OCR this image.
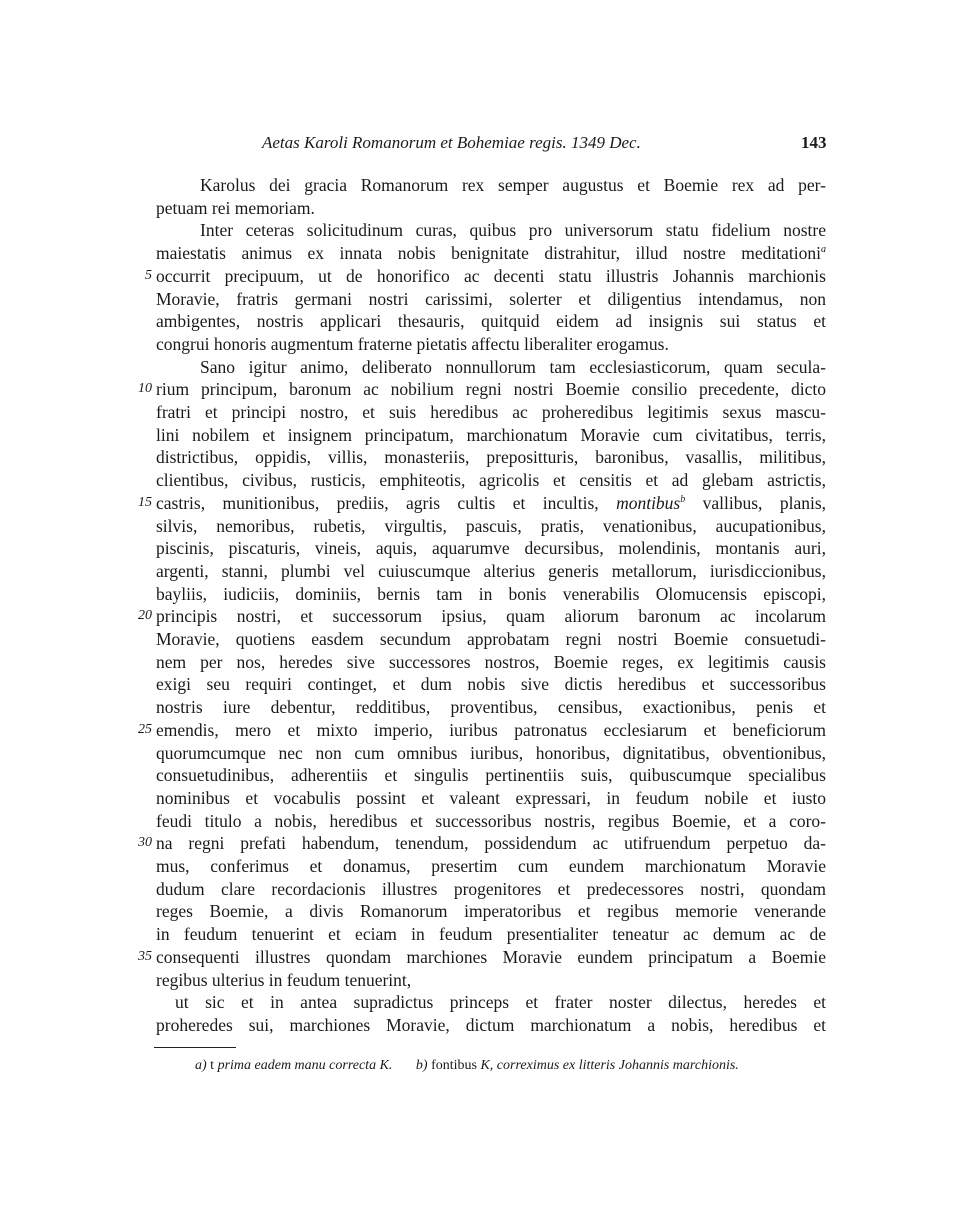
Aetas Karoli Romanorum et Bohemiae regis. 1349 Dec.	143
Karolus dei gracia Romanorum rex semper augustus et Boemie rex ad per-
petuam rei memoriam.
Inter ceteras solicitudinum curas, quibus pro universorum statu fidelium nostre
maiestatis animus ex innata nobis benignitate distrahitur, illud nostre meditationi$^a$
occurrit precipuum, ut de honorifico ac decenti statu illustris Johannis marchionis
5
Moravie, fratris germani nostri carissimi, solerter et diligentius intendamus, non
ambigentes, nostris applicari thesauris, quitquid eidem ad insignis sui status et
congrui honoris augmentum fraterne pietatis affectu liberaliter erogamus.
Sano igitur animo, deliberato nonnullorum tam ecclesiasticorum, quam secula-
rium principum, baronum ac nobilium regni nostri Boemie consilio precedente, dicto
10
fratri et principi nostro, et suis heredibus ac proheredibus legitimis sexus mascu-
lini nobilem et insignem principatum, marchionatum Moravie cum civitatibus, terris,
districtibus, oppidis, villis, monasteriis, prepositturis, baronibus, vasallis, militibus,
clientibus, civibus, rusticis, emphiteotis, agricolis et censitis et ad glebam astrictis,
castris, munitionibus, prediis, agris cultis et incultis, montibus$^b$ vallibus, planis,
15
silvis, nemoribus, rubetis, virgultis, pascuis, pratis, venationibus, aucupationibus,
piscinis, piscaturis, vineis, aquis, aquarumve decursibus, molendinis, montanis auri,
argenti, stanni, plumbi vel cuiuscumque alterius generis metallorum, iurisdiccionibus,
bayliis, iudiciis, dominiis, bernis tam in bonis venerabilis Olomucensis episcopi,
principis nostri, et successorum ipsius, quam aliorum baronum ac incolarum
20
Moravie, quotiens easdem secundum approbatam regni nostri Boemie consuetudi-
nem per nos, heredes sive successores nostros, Boemie reges, ex legitimis causis
exigi seu requiri continget, et dum nobis sive dictis heredibus et successoribus
nostris iure debentur, redditibus, proventibus, censibus, exactionibus, penis et
emendis, mero et mixto imperio, iuribus patronatus ecclesiarum et beneficiorum
25
quorumcumque nec non cum omnibus iuribus, honoribus, dignitatibus, obventionibus,
consuetudinibus, adherentiis et singulis pertinentiis suis, quibuscumque specialibus
nominibus et vocabulis possint et valeant expressari, in feudum nobile et iusto
feudi titulo a nobis, heredibus et successoribus nostris, regibus Boemie, et a coro-
na regni prefati habendum, tenendum, possidendum ac utifruendum perpetuo da-
30
mus, conferimus et donamus, presertim cum eundem marchionatum Moravie
dudum clare recordacionis illustres progenitores et predecessores nostri, quondam
reges Boemie, a divis Romanorum imperatoribus et regibus memorie venerande
in feudum tenuerint et eciam in feudum presentialiter teneatur ac demum ac de
consequenti illustres quondam marchiones Moravie eundem principatum a Boemie
35
regibus ulterius in feudum tenuerint,
ut sic et in antea supradictus princeps et frater noster dilectus, heredes et
proheredes sui, marchiones Moravie, dictum marchionatum a nobis, heredibus et
a) t prima eadem manu correcta K. b) fontibus K, correximus ex litteris Johannis marchionis.
